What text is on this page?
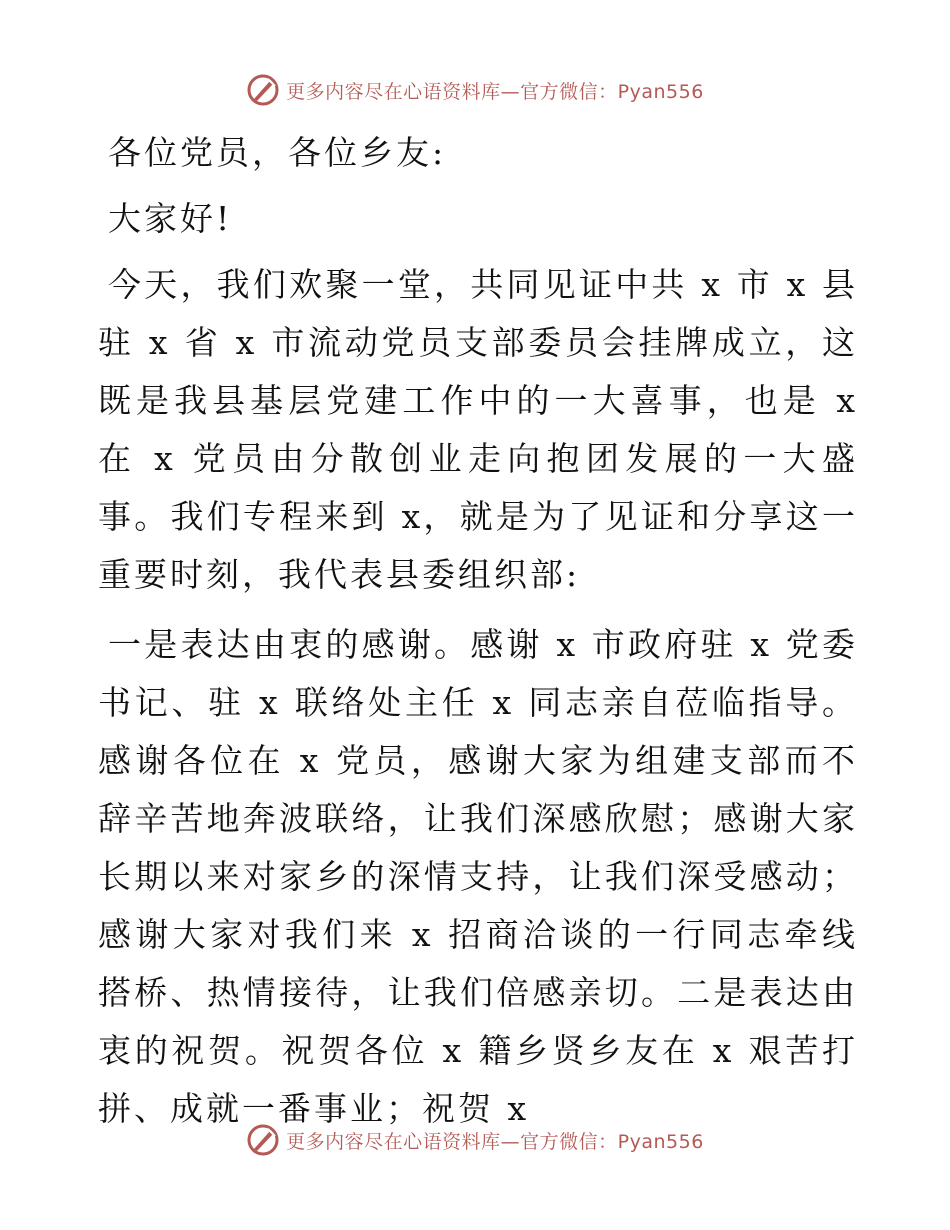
更多内容尽在心语资料库—官方微信：Pyan556

各位党员，各位乡友:

大家好!

今天，我们欢聚一堂，共同见证中共 x 市 x 县驻 x 省 x 市流动党员支部委员会挂牌成立，这既是我县基层党建工作中的一大喜事，也是 x 在 x 党员由分散创业走向抱团发展的一大盛事。我们专程来到 x，就是为了见证和分享这一重要时刻，我代表县委组织部:

一是表达由衷的感谢。感谢 x 市政府驻 x 党委书记、驻 x 联络处主任 x 同志亲自莅临指导。感谢各位在 x 党员，感谢大家为组建支部而不辞辛苦地奔波联络，让我们深感欣慰；感谢大家长期以来对家乡的深情支持，让我们深受感动；感谢大家对我们来 x 招商洽谈的一行同志牵线搭桥、热情接待，让我们倍感亲切。二是表达由衷的祝贺。祝贺各位 x 籍乡贤乡友在 x 艰苦打拼、成就一番事业；祝贺 x

更多内容尽在心语资料库—官方微信：Pyan556
